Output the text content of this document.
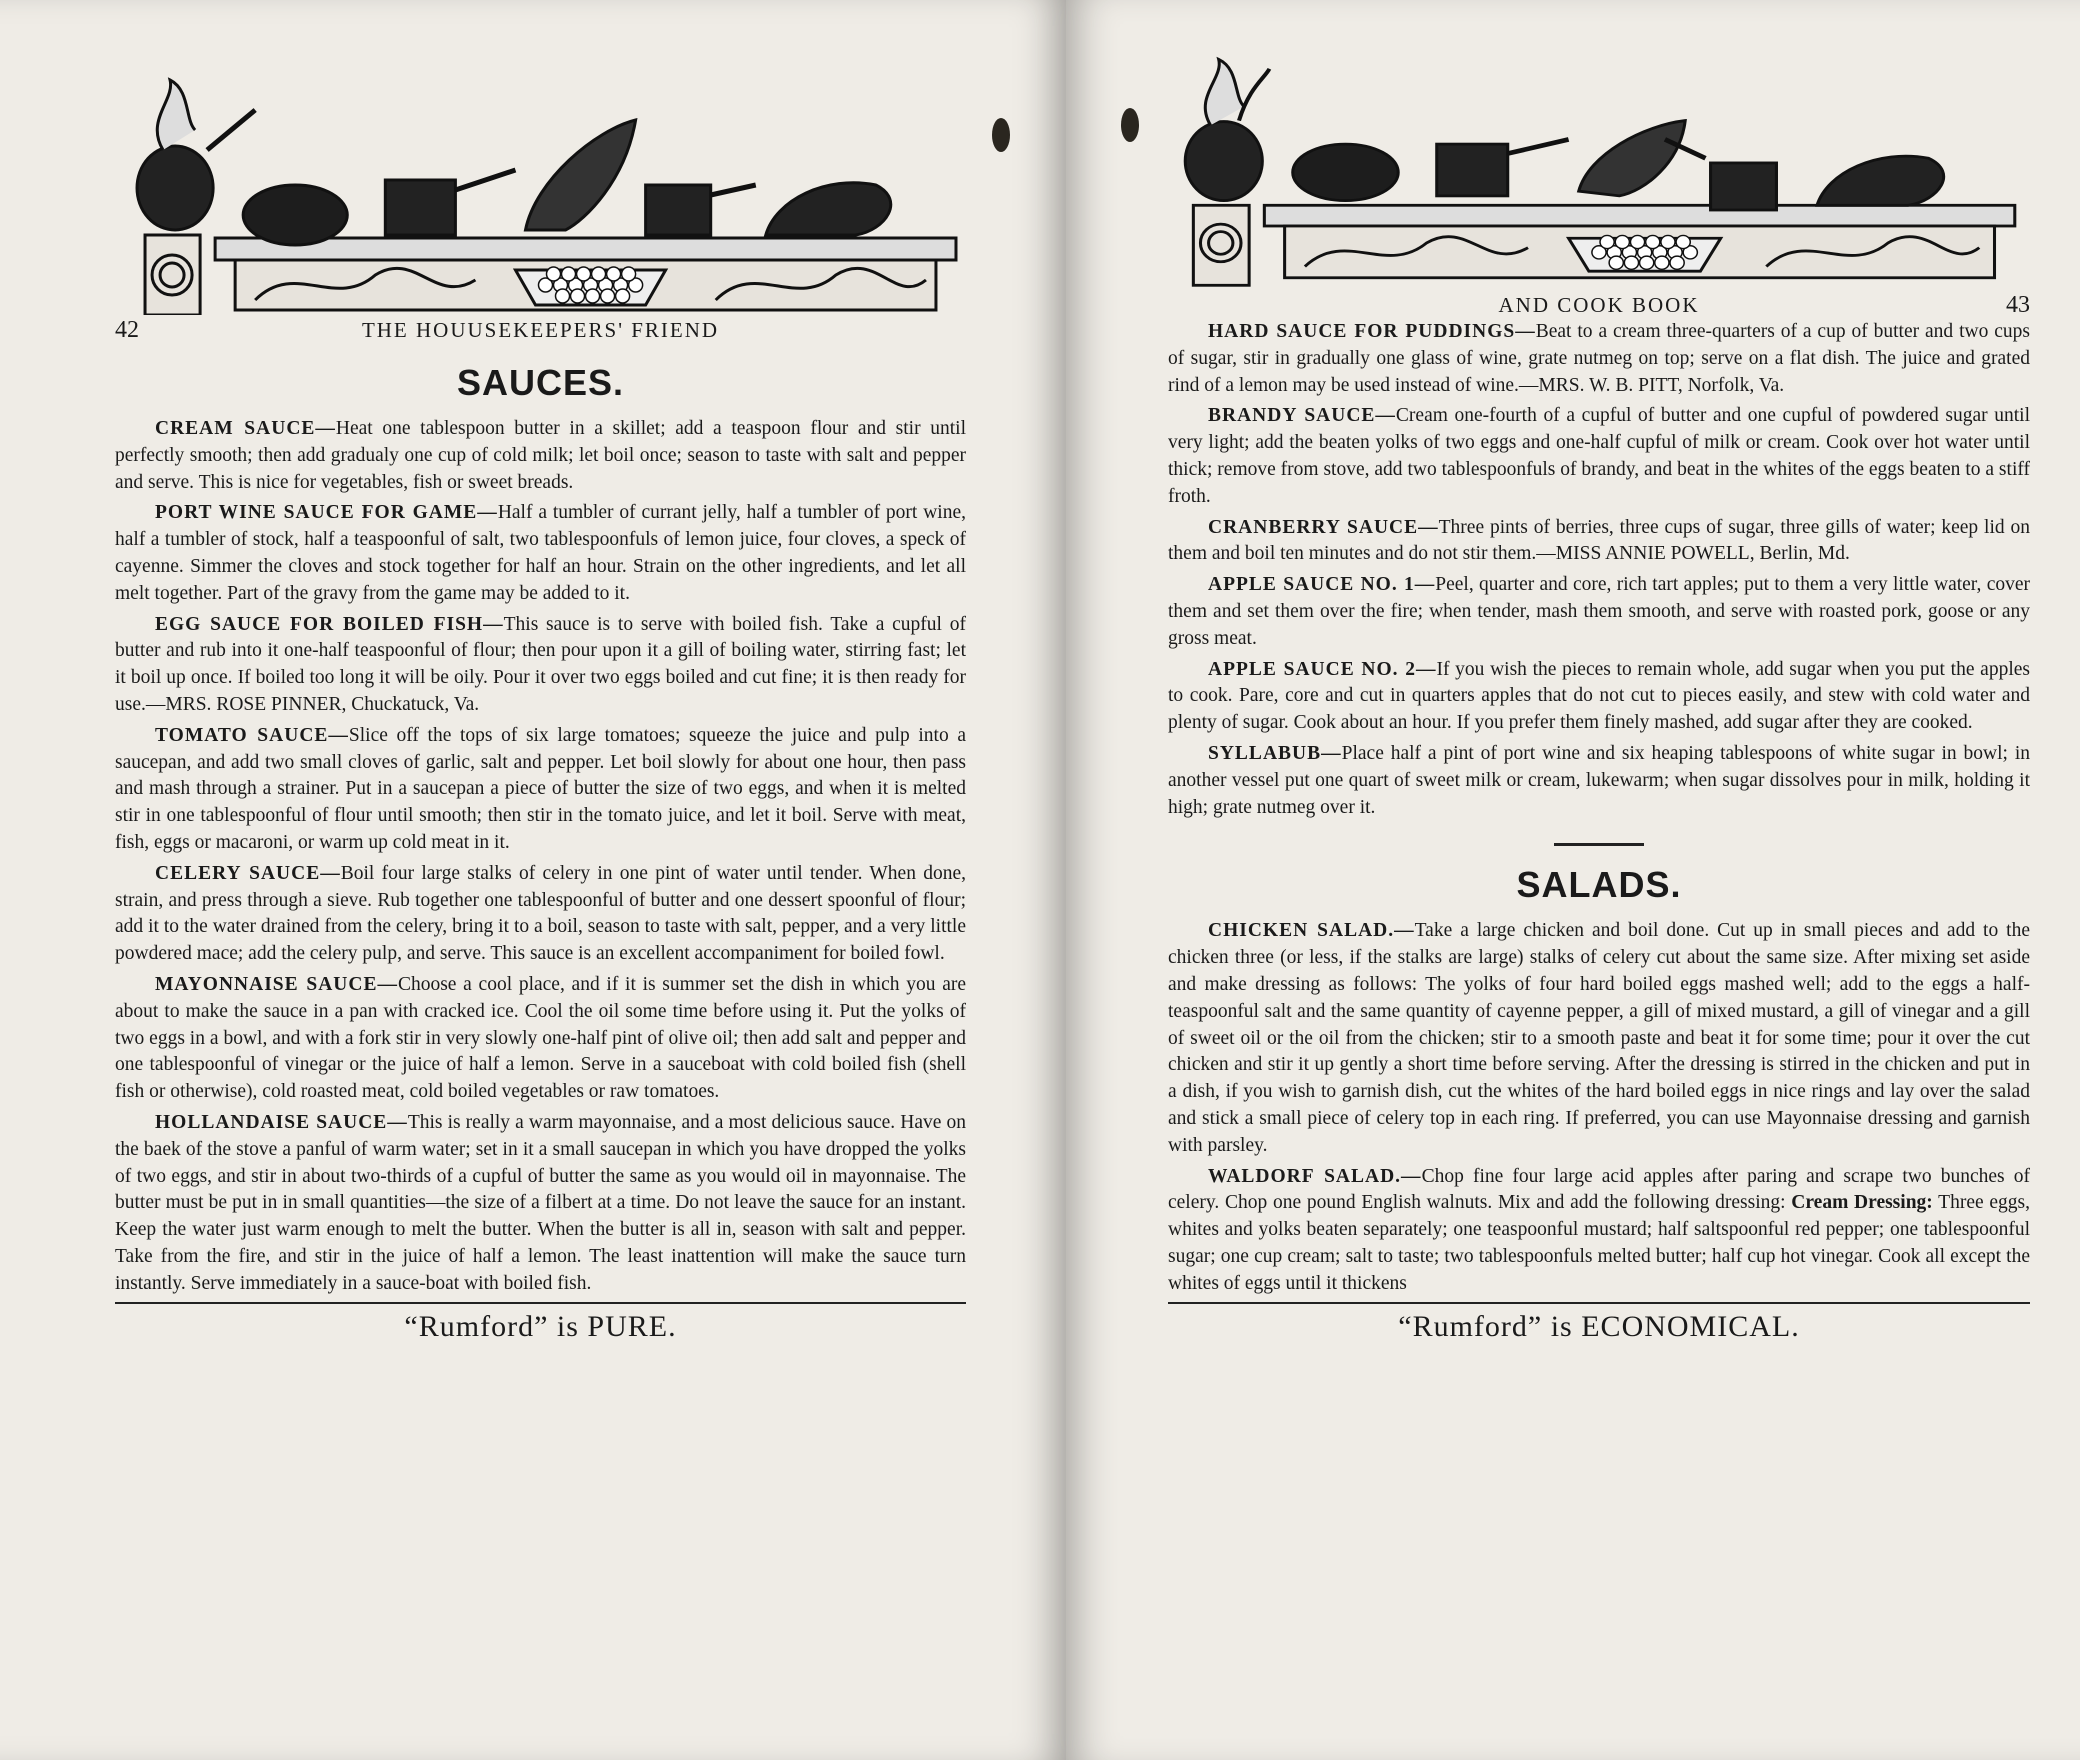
42	THE HOUUSEKEEPERS' FRIEND
SAUCES.

CREAM SAUCE—Heat one tablespoon butter in a skillet; add a teaspoon flour and stir until perfectly smooth; then add gradualy one cup of cold milk; let boil once; season to taste with salt and pepper and serve. This is nice for vegetables, fish or sweet breads.

PORT WINE SAUCE FOR GAME—Half a tumbler of currant jelly, half a tumbler of port wine, half a tumbler of stock, half a teaspoonful of salt, two tablespoonfuls of lemon juice, four cloves, a speck of cayenne. Simmer the cloves and stock together for half an hour. Strain on the other ingredients, and let all melt together. Part of the gravy from the game may be added to it.

EGG SAUCE FOR BOILED FISH—This sauce is to serve with boiled fish. Take a cupful of butter and rub into it one-half teaspoonful of flour; then pour upon it a gill of boiling water, stirring fast; let it boil up once. If boiled too long it will be oily. Pour it over two eggs boiled and cut fine; it is then ready for use.—MRS. ROSE PINNER, Chuckatuck, Va.

TOMATO SAUCE—Slice off the tops of six large tomatoes; squeeze the juice and pulp into a saucepan, and add two small cloves of garlic, salt and pepper. Let boil slowly for about one hour, then pass and mash through a strainer. Put in a saucepan a piece of butter the size of two eggs, and when it is melted stir in one tablespoonful of flour until smooth; then stir in the tomato juice, and let it boil. Serve with meat, fish, eggs or macaroni, or warm up cold meat in it.

CELERY SAUCE—Boil four large stalks of celery in one pint of water until tender. When done, strain, and press through a sieve. Rub together one tablespoonful of butter and one dessert spoonful of flour; add it to the water drained from the celery, bring it to a boil, season to taste with salt, pepper, and a very little powdered mace; add the celery pulp, and serve. This sauce is an excellent accompaniment for boiled fowl.

MAYONNAISE SAUCE—Choose a cool place, and if it is summer set the dish in which you are about to make the sauce in a pan with cracked ice. Cool the oil some time before using it. Put the yolks of two eggs in a bowl, and with a fork stir in very slowly one-half pint of olive oil; then add salt and pepper and one tablespoonful of vinegar or the juice of half a lemon. Serve in a sauceboat with cold boiled fish (shell fish or otherwise), cold roasted meat, cold boiled vegetables or raw tomatoes.

HOLLANDAISE SAUCE—This is really a warm mayonnaise, and a most delicious sauce. Have on the baek of the stove a panful of warm water; set in it a small saucepan in which you have dropped the yolks of two eggs, and stir in about two-thirds of a cupful of butter the same as you would oil in mayonnaise. The butter must be put in in small quantities—the size of a filbert at a time. Do not leave the sauce for an instant. Keep the water just warm enough to melt the butter. When the butter is all in, season with salt and pepper. Take from the fire, and stir in the juice of half a lemon. The least inattention will make the sauce turn instantly. Serve immediately in a sauce-boat with boiled fish.

“Rumford” is PURE.
AND COOK BOOK	43

HARD SAUCE FOR PUDDINGS—Beat to a cream three-quarters of a cup of butter and two cups of sugar, stir in gradually one glass of wine, grate nutmeg on top; serve on a flat dish. The juice and grated rind of a lemon may be used instead of wine.—MRS. W. B. PITT, Norfolk, Va.

BRANDY SAUCE—Cream one-fourth of a cupful of butter and one cupful of powdered sugar until very light; add the beaten yolks of two eggs and one-half cupful of milk or cream. Cook over hot water until thick; remove from stove, add two tablespoonfuls of brandy, and beat in the whites of the eggs beaten to a stiff froth.

CRANBERRY SAUCE—Three pints of berries, three cups of sugar, three gills of water; keep lid on them and boil ten minutes and do not stir them.—MISS ANNIE POWELL, Berlin, Md.

APPLE SAUCE NO. 1—Peel, quarter and core, rich tart apples; put to them a very little water, cover them and set them over the fire; when tender, mash them smooth, and serve with roasted pork, goose or any gross meat.

APPLE SAUCE NO. 2—If you wish the pieces to remain whole, add sugar when you put the apples to cook. Pare, core and cut in quarters apples that do not cut to pieces easily, and stew with cold water and plenty of sugar. Cook about an hour. If you prefer them finely mashed, add sugar after they are cooked.

SYLLABUB—Place half a pint of port wine and six heaping tablespoons of white sugar in bowl; in another vessel put one quart of sweet milk or cream, lukewarm; when sugar dissolves pour in milk, holding it high; grate nutmeg over it.

SALADS.

CHICKEN SALAD.—Take a large chicken and boil done. Cut up in small pieces and add to the chicken three (or less, if the stalks are large) stalks of celery cut about the same size. After mixing set aside and make dressing as follows: The yolks of four hard boiled eggs mashed well; add to the eggs a half-teaspoonful salt and the same quantity of cayenne pepper, a gill of mixed mustard, a gill of vinegar and a gill of sweet oil or the oil from the chicken; stir to a smooth paste and beat it for some time; pour it over the cut chicken and stir it up gently a short time before serving. After the dressing is stirred in the chicken and put in a dish, if you wish to garnish dish, cut the whites of the hard boiled eggs in nice rings and lay over the salad and stick a small piece of celery top in each ring. If preferred, you can use Mayonnaise dressing and garnish with parsley.

WALDORF SALAD.—Chop fine four large acid apples after paring and scrape two bunches of celery. Chop one pound English walnuts. Mix and add the following dressing: Cream Dressing: Three eggs, whites and yolks beaten separately; one teaspoonful mustard; half saltspoonful red pepper; one tablespoonful sugar; one cup cream; salt to taste; two tablespoonfuls melted butter; half cup hot vinegar. Cook all except the whites of eggs until it thickens

“Rumford” is ECONOMICAL.
